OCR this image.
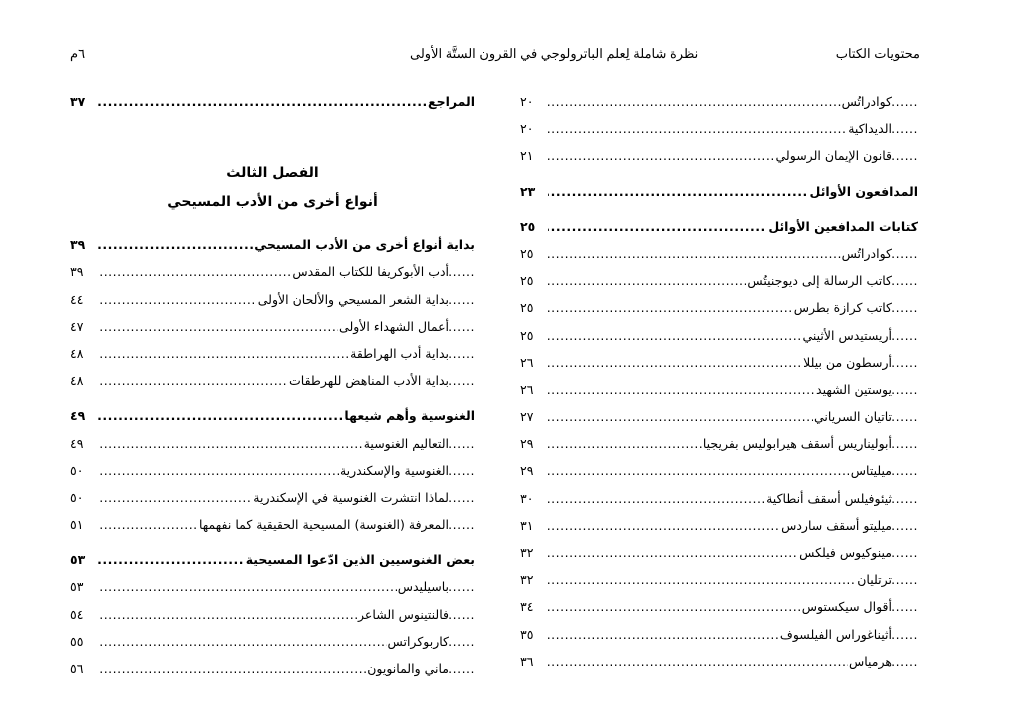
محتويات الكتاب
نظرة شاملة لِعلم الباترولوجي في القرون الستَّة الأولى
٦م
كوادراتُس
.....
٢٠
الديداكية
.....
٢٠
قانون الإيمان الرسولي
.....
٢١
المدافعون الأوائل
.....
٢٣
كتابات المدافعين الأوائل
.....
٢٥
كوادراتُس
.....
٢٥
كاتب الرسالة إلى ديوجنيتُس
.....
٢٥
كاتب كرازة بطرس
.....
٢٥
أريستيدس الأثيني
.....
٢٥
أرسطون من بيللا
.....
٢٦
يوستين الشهيد
.....
٢٦
تاتيان السرياني
.....
٢٧
أبوليناريس أسقف هيرابوليس بفريجيا
.....
٢٩
ميليتاس
.....
٢٩
ثيئوفيلس أسقف أنطاكية
.....
٣٠
ميليتو أسقف ساردس
.....
٣١
مينوكيوس فيلكس
.....
٣٢
ترتليان
.....
٣٢
أقوال سيكستوس
.....
٣٤
أثيناغوراس الفيلسوف
.....
٣٥
هرمياس
.....
٣٦
المراجع
.....
٣٧
الفصل الثالث
أنواع أخرى من الأدب المسيحي
بداية أنواع أخرى من الأدب المسيحي
.....
٣٩
أدب الأبوكريفا للكتاب المقدس
.....
٣٩
بداية الشعر المسيحي والألحان الأولى
.....
٤٤
أعمال الشهداء الأولى
.....
٤٧
بداية أدب الهراطقة
.....
٤٨
بداية الأدب المناهض للهرطقات
.....
٤٨
الغنوسية وأهم شيعها
.....
٤٩
التعاليم الغنوسية
.....
٤٩
الغنوسية والإسكندرية
.....
٥٠
لماذا انتشرت الغنوسية في الإسكندرية
.....
٥٠
المعرفة (الغنوسة) المسيحية الحقيقية كما نفهمها
.....
٥١
بعض الغنوسيين الذين ادّعوا المسيحية
.....
٥٣
باسيليدس
.....
٥٣
فالنتينوس الشاعر
.....
٥٤
كاربوكراتس
.....
٥٥
ماني والمانويون
.....
٥٦
